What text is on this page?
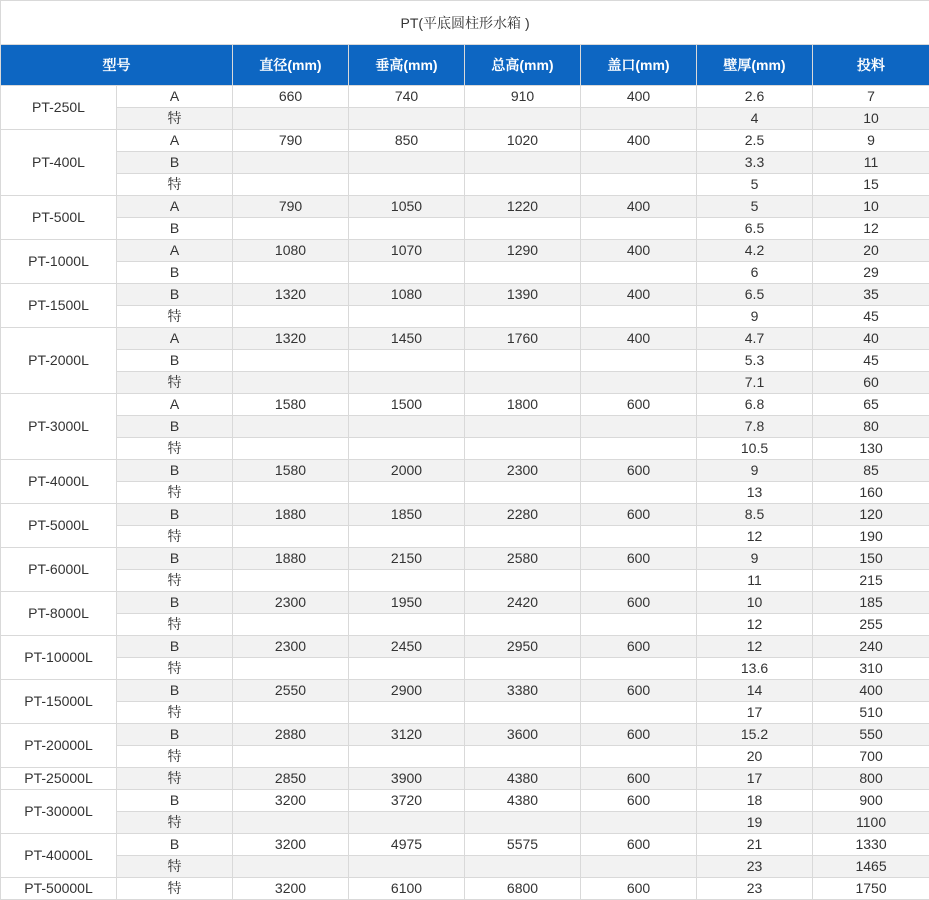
PT(平底圆柱形水箱 )							
型号		直径(mm)	垂高(mm)	总高(mm)	盖口(mm)	壁厚(mm)	投料
PT-250L	A	660	740	910	400	2.6	7
	特					4	10
PT-400L	A	790	850	1020	400	2.5	9
	B					3.3	11
	特					5	15
PT-500L	A	790	1050	1220	400	5	10
	B					6.5	12
PT-1000L	A	1080	1070	1290	400	4.2	20
	B					6	29
PT-1500L	B	1320	1080	1390	400	6.5	35
	特					9	45
PT-2000L	A	1320	1450	1760	400	4.7	40
	B					5.3	45
	特					7.1	60
PT-3000L	A	1580	1500	1800	600	6.8	65
	B					7.8	80
	特					10.5	130
PT-4000L	B	1580	2000	2300	600	9	85
	特					13	160
PT-5000L	B	1880	1850	2280	600	8.5	120
	特					12	190
PT-6000L	B	1880	2150	2580	600	9	150
	特					11	215
PT-8000L	B	2300	1950	2420	600	10	185
	特					12	255
PT-10000L	B	2300	2450	2950	600	12	240
	特					13.6	310
PT-15000L	B	2550	2900	3380	600	14	400
	特					17	510
PT-20000L	B	2880	3120	3600	600	15.2	550
	特					20	700
PT-25000L	特	2850	3900	4380	600	17	800
PT-30000L	B	3200	3720	4380	600	18	900
	特					19	1100
PT-40000L	B	3200	4975	5575	600	21	1330
	特					23	1465
PT-50000L	特	3200	6100	6800	600	23	1750
